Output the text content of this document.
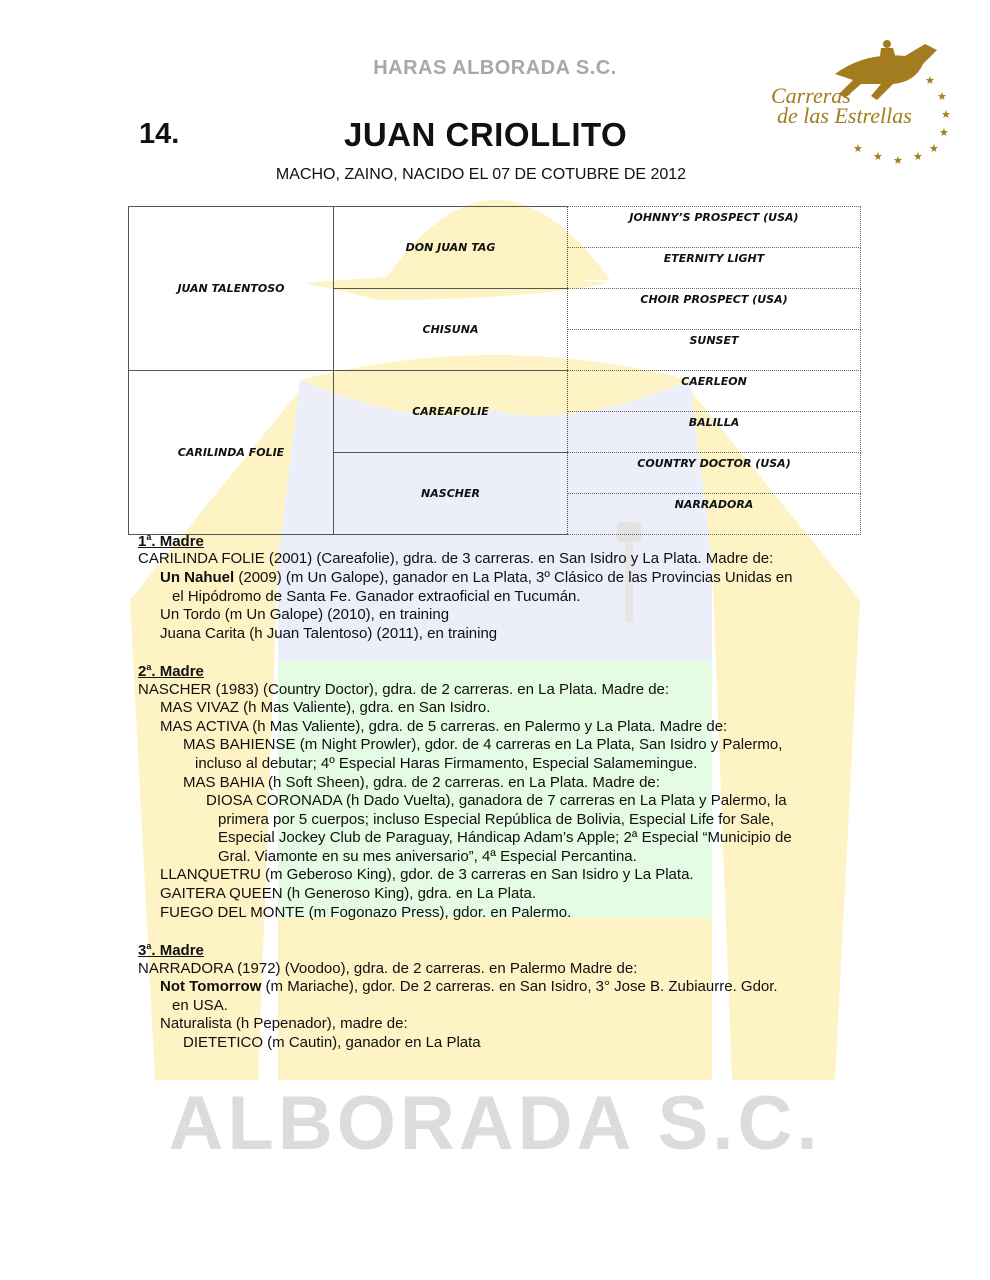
HARAS ALBORADA S.C.
★
★
★
★
★
★
★
★
★
Carreras
de las Estrellas
14.	JUAN CRIOLLITO
MACHO, ZAINO, NACIDO EL 07 DE COTUBRE DE 2012
JUAN TALENTOSO	DON JUAN TAG	JOHNNY’S PROSPECT (USA)
		ETERNITY LIGHT
	CHISUNA	CHOIR PROSPECT (USA)
		SUNSET
CARILINDA FOLIE	CAREAFOLIE	CAERLEON
		BALILLA
	NASCHER	COUNTRY DOCTOR (USA)
		NARRADORA
1$^a$. Madre
CARILINDA FOLIE (2001) (Careafolie), gdra. de 3 carreras. en San Isidro y La Plata. Madre de:
Un Nahuel (2009) (m Un Galope), ganador en La Plata, 3º Clásico de las Provincias Unidas en
el Hipódromo de Santa Fe. Ganador extraoficial en Tucumán.
Un Tordo (m Un Galope) (2010), en training
Juana Carita (h Juan Talentoso) (2011), en training
2$^a$. Madre
NASCHER (1983) (Country Doctor), gdra. de 2 carreras. en La Plata. Madre de:
MAS VIVAZ (h Mas Valiente), gdra. en San Isidro.
MAS ACTIVA (h Mas Valiente), gdra. de 5 carreras. en Palermo y La Plata. Madre de:
MAS BAHIENSE (m Night Prowler), gdor. de 4 carreras en La Plata, San Isidro y Palermo,
incluso al debutar; 4º Especial Haras Firmamento, Especial Salamemingue.
MAS BAHIA (h Soft Sheen), gdra. de 2 carreras. en La Plata. Madre de:
DIOSA CORONADA (h Dado Vuelta), ganadora de 7 carreras en La Plata y Palermo, la
primera por 5 cuerpos; incluso Especial República de Bolivia, Especial Life for Sale,
Especial Jockey Club de Paraguay, Hándicap Adam’s Apple; 2ª Especial “Municipio de
Gral. Viamonte en su mes aniversario”, 4ª Especial Percantina.
LLANQUETRU (m Geberoso King), gdor. de 3 carreras en San Isidro y La Plata.
GAITERA QUEEN (h Generoso King), gdra. en La Plata.
FUEGO DEL MONTE (m Fogonazo Press), gdor. en Palermo.
3$^a$. Madre
NARRADORA (1972) (Voodoo), gdra. de 2 carreras. en Palermo Madre de:
Not Tomorrow (m Mariache), gdor. De 2 carreras. en San Isidro, 3° Jose B. Zubiaurre. Gdor.
en USA.
Naturalista (h Pepenador), madre de:
DIETETICO (m Cautin), ganador en La Plata
ALBORADA S.C.
